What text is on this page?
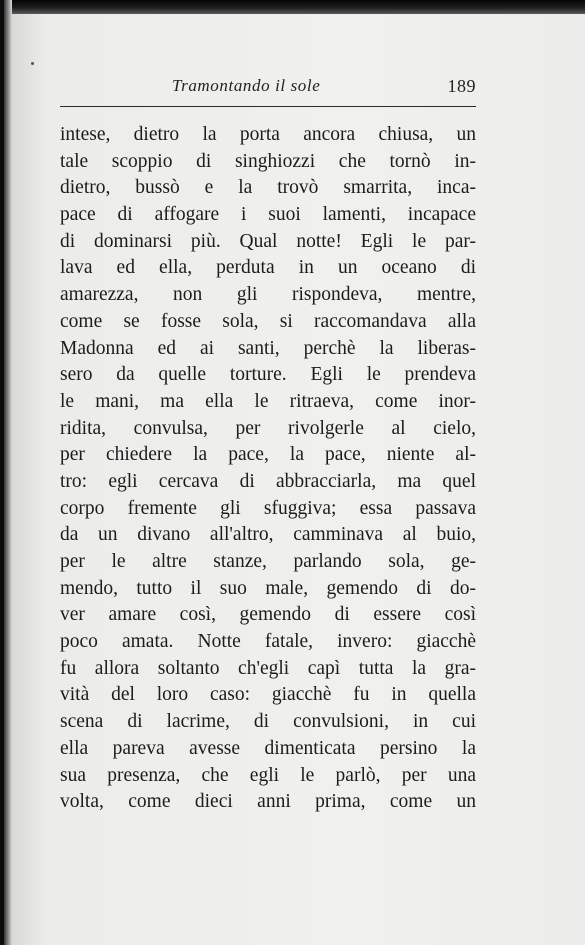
Tramontando il sole	189
intese, dietro la porta ancora chiusa, un
tale scoppio di singhiozzi che tornò in-
dietro, bussò e la trovò smarrita, inca-
pace di affogare i suoi lamenti, incapace
di dominarsi più. Qual notte! Egli le par-
lava ed ella, perduta in un oceano di
amarezza, non gli rispondeva, mentre,
come se fosse sola, si raccomandava alla
Madonna ed ai santi, perchè la liberas-
sero da quelle torture. Egli le prendeva
le mani, ma ella le ritraeva, come inor-
ridita, convulsa, per rivolgerle al cielo,
per chiedere la pace, la pace, niente al-
tro: egli cercava di abbracciarla, ma quel
corpo fremente gli sfuggiva; essa passava
da un divano all'altro, camminava al buio,
per le altre stanze, parlando sola, ge-
mendo, tutto il suo male, gemendo di do-
ver amare così, gemendo di essere così
poco amata. Notte fatale, invero: giacchè
fu allora soltanto ch'egli capì tutta la gra-
vità del loro caso: giacchè fu in quella
scena di lacrime, di convulsioni, in cui
ella pareva avesse dimenticata persino la
sua presenza, che egli le parlò, per una
volta, come dieci anni prima, come un
